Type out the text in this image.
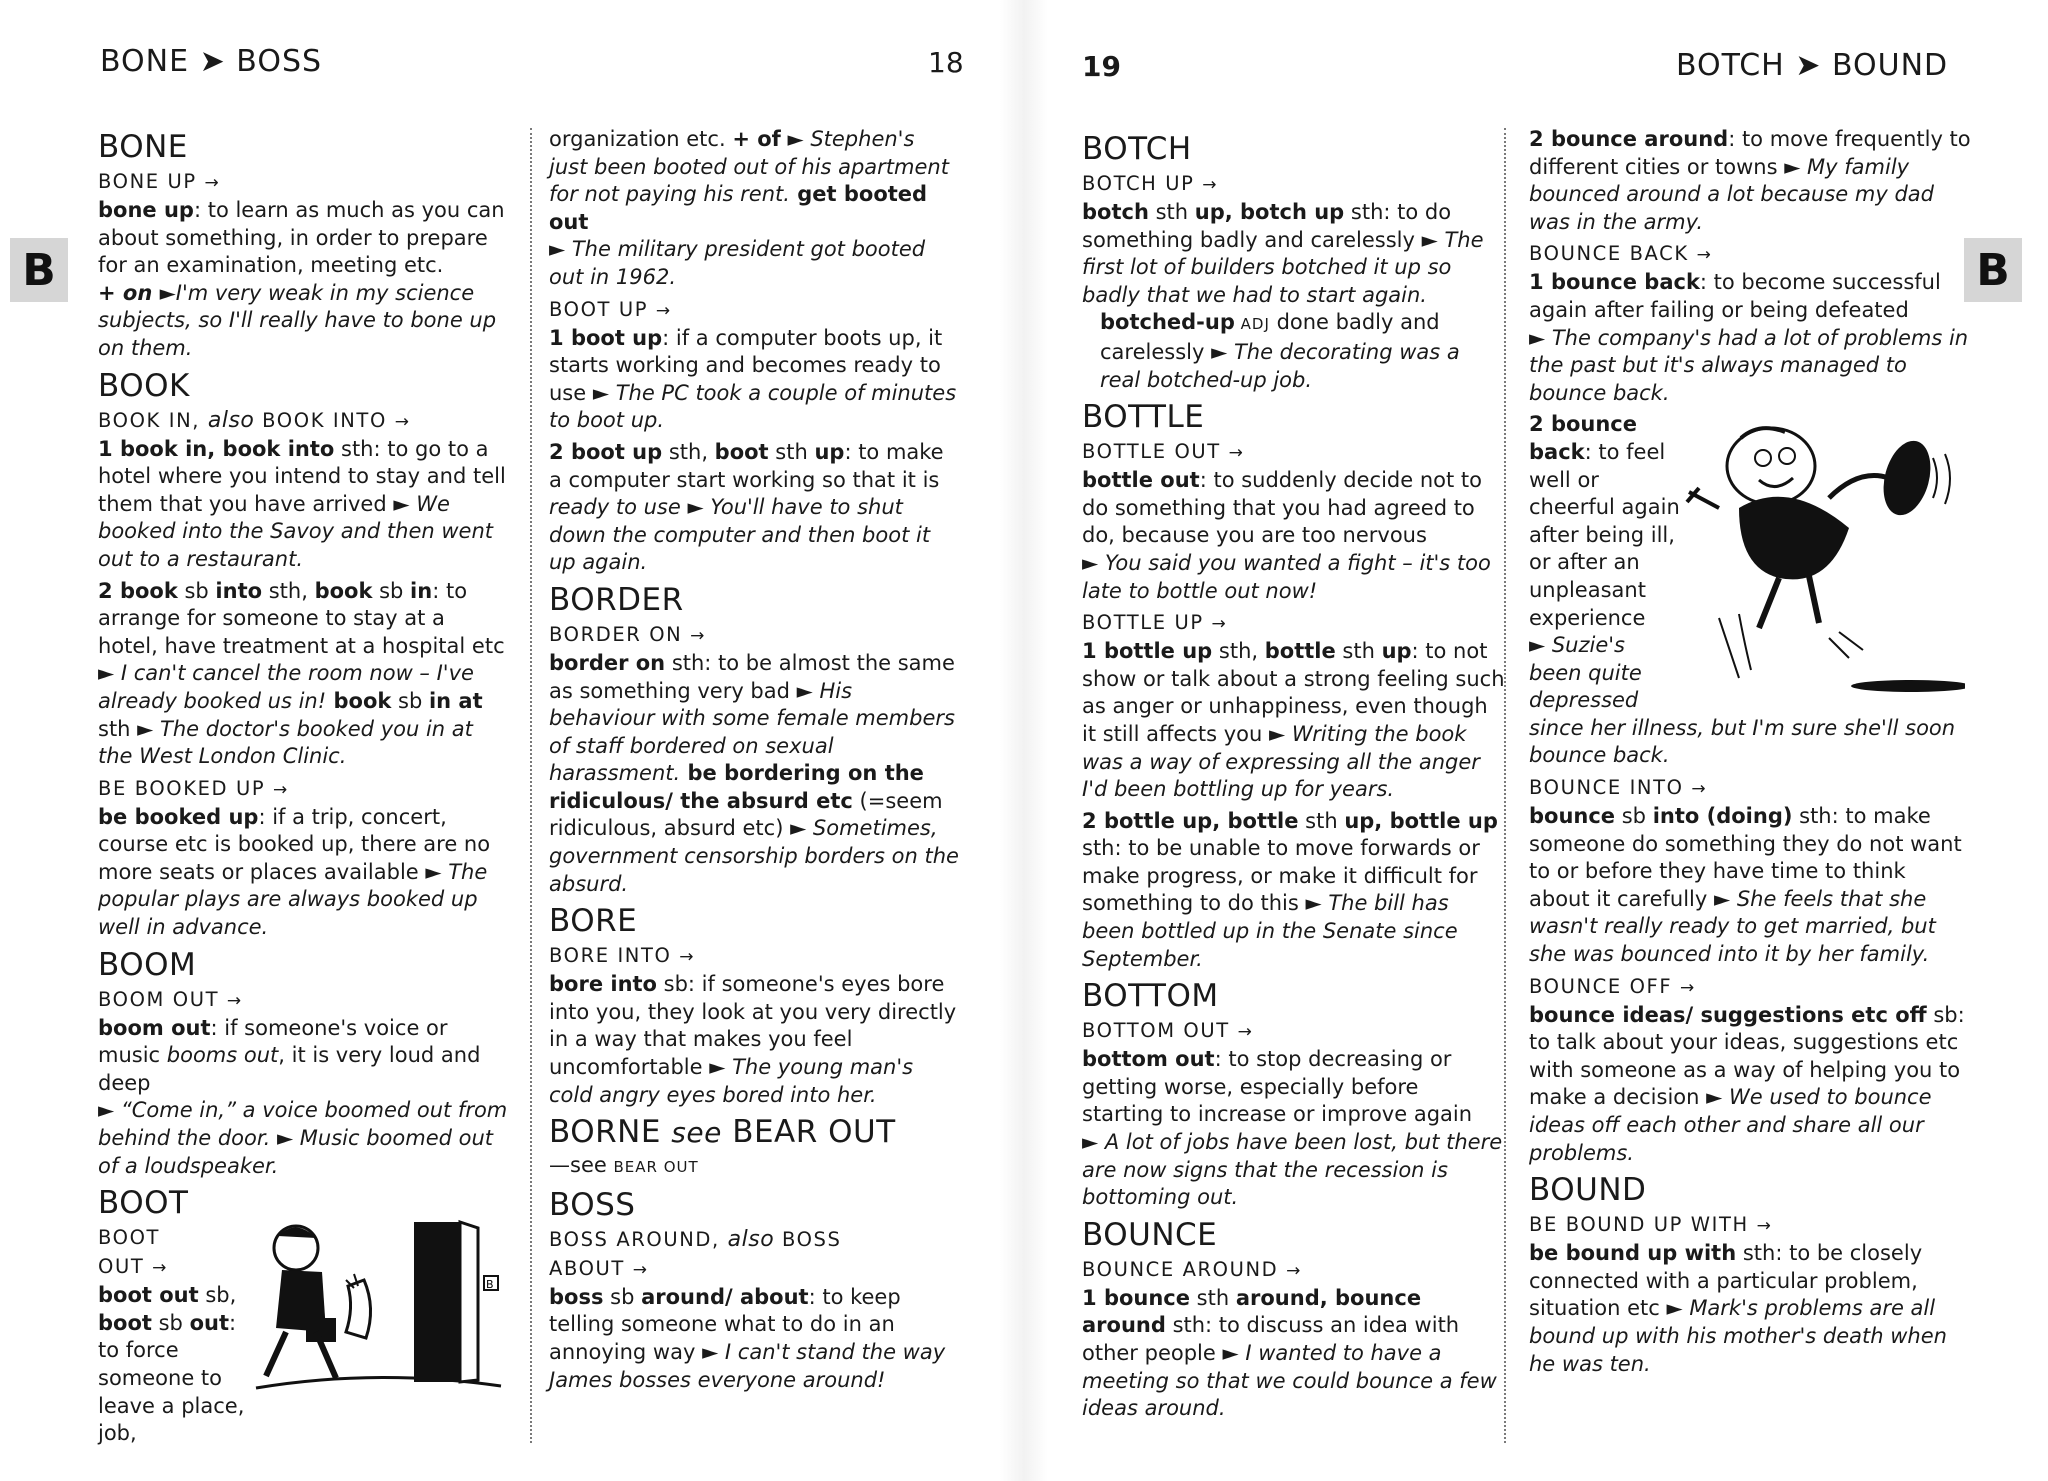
BONE ➤ BOSS	18
B
BONE
BONE UP →

bone up: to learn as much as you can about something, in order to prepare for an examination, meeting etc.

+ on ►I'm very weak in my science subjects, so I'll really have to bone up on them.

BOOK
BOOK IN, also BOOK INTO →

1 book in, book into sth: to go to a hotel where you intend to stay and tell them that you have arrived ► We booked into the Savoy and then went out to a restaurant.

2 book sb into sth, book sb in: to arrange for someone to stay at a hotel, have treatment at a hospital etc
► I can't cancel the room now – I've already booked us in! book sb in at sth ► The doctor's booked you in at the West London Clinic.

BE BOOKED UP →

be booked up: if a trip, concert, course etc is booked up, there are no more seats or places available ► The popular plays are always booked up well in advance.

BOOM
BOOM OUT →

boom out: if someone's voice or music booms out, it is very loud and deep
► “Come in,” a voice boomed out from behind the door. ► Music boomed out of a loudspeaker.

BOOT
BOOT
OUT →

boot out sb,

boot sb out:

to force

someone to

leave a place,

job,

B

organization etc. + of ► Stephen's just been booted out of his apartment for not paying his rent. get booted out
► The military president got booted out in 1962.

BOOT UP →

1 boot up: if a computer boots up, it starts working and becomes ready to use ► The PC took a couple of minutes to boot up.

2 boot up sth, boot sth up: to make a computer start working so that it is ready to use ► You'll have to shut down the computer and then boot it up again.

BORDER
BORDER ON →

border on sth: to be almost the same as something very bad ► His behaviour with some female members of staff bordered on sexual harassment. be bordering on the ridiculous/ the absurd etc (=seem ridiculous, absurd etc) ► Sometimes, government censorship borders on the absurd.

BORE
BORE INTO →

bore into sb: if someone's eyes bore into you, they look at you very directly in a way that makes you feel uncomfortable ► The young man's cold angry eyes bored into her.

BORNE see BEAR OUT

—see BEAR OUT

BOSS
BOSS AROUND, also BOSS
ABOUT →

boss sb around/ about: to keep telling someone what to do in an annoying way ► I can't stand the way James bosses everyone around!

19	BOTCH ➤ BOUND
B
BOTCH
BOTCH UP →

botch sth up, botch up sth: to do something badly and carelessly ► The first lot of builders botched it up so badly that we had to start again.

botched-up ADJ done badly and carelessly ► The decorating was a real botched-up job.

BOTTLE
BOTTLE OUT →

bottle out: to suddenly decide not to do something that you had agreed to do, because you are too nervous
► You said you wanted a fight – it's too late to bottle out now!

BOTTLE UP →

1 bottle up sth, bottle sth up: to not show or talk about a strong feeling such as anger or unhappiness, even though it still affects you ► Writing the book was a way of expressing all the anger I'd been bottling up for years.

2 bottle up, bottle sth up, bottle up sth: to be unable to move forwards or make progress, or make it difficult for something to do this ► The bill has been bottled up in the Senate since September.

BOTTOM
BOTTOM OUT →

bottom out: to stop decreasing or getting worse, especially before starting to increase or improve again
► A lot of jobs have been lost, but there are now signs that the recession is bottoming out.

BOUNCE
BOUNCE AROUND →

1 bounce sth around, bounce around sth: to discuss an idea with other people ► I wanted to have a meeting so that we could bounce a few ideas around.

2 bounce around: to move frequently to different cities or towns ► My family bounced around a lot because my dad was in the army.

BOUNCE BACK →

1 bounce back: to become successful again after failing or being defeated
► The company's had a lot of problems in the past but it's always managed to bounce back.

2 bounce

back: to feel

well or

cheerful again

after being ill,

or after an

unpleasant

experience

► Suzie's

been quite

depressed

since her illness, but I'm sure she'll soon bounce back.

BOUNCE INTO →

bounce sb into (doing) sth: to make someone do something they do not want to or before they have time to think about it carefully ► She feels that she wasn't really ready to get married, but she was bounced into it by her family.

BOUNCE OFF →

bounce ideas/ suggestions etc off sb: to talk about your ideas, suggestions etc with someone as a way of helping you to make a decision ► We used to bounce ideas off each other and share all our problems.

BOUND
BE BOUND UP WITH →

be bound up with sth: to be closely connected with a particular problem, situation etc ► Mark's problems are all bound up with his mother's death when he was ten.
